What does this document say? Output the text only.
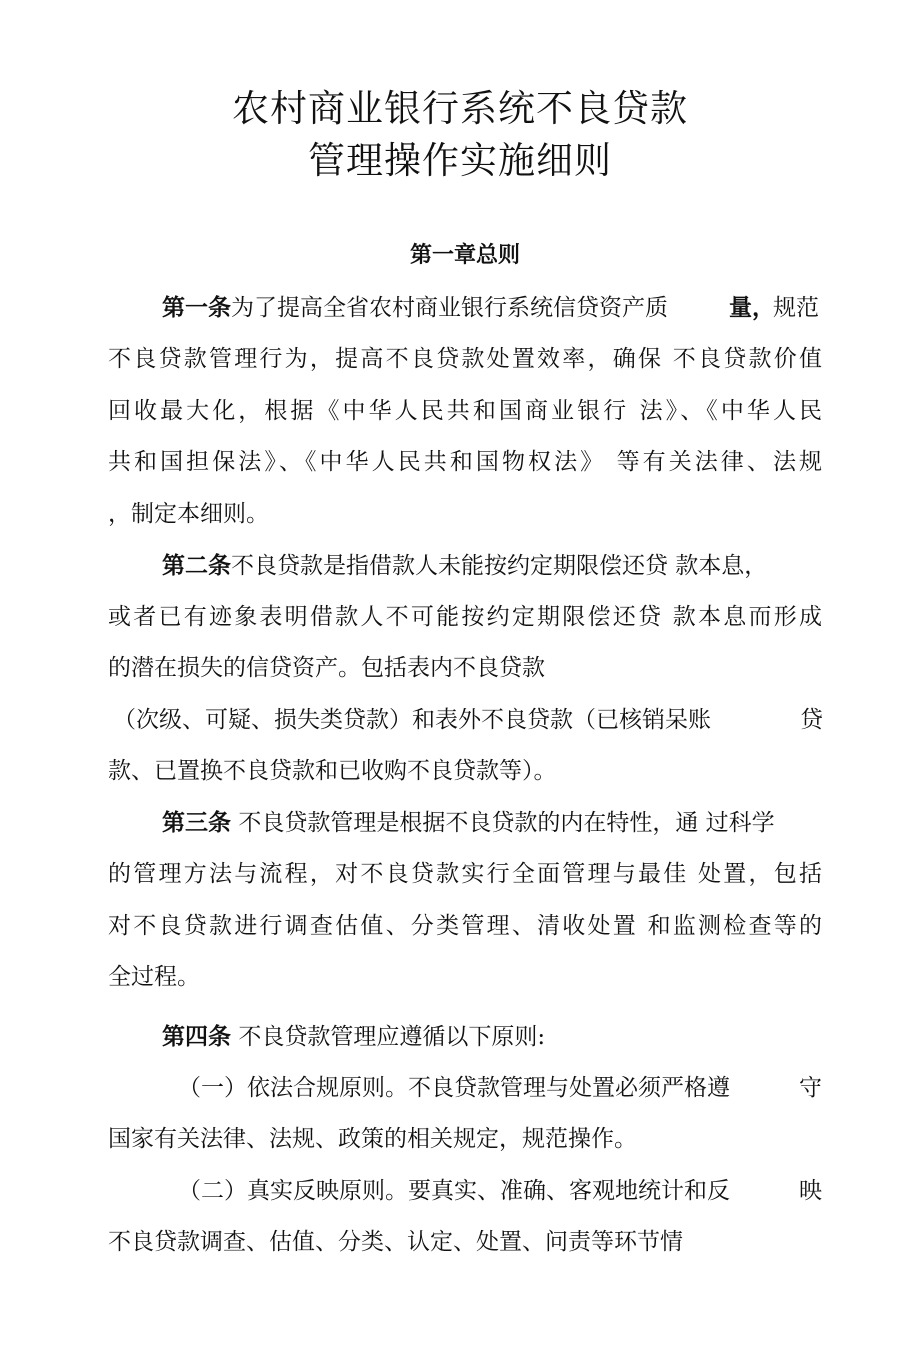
农村商业银行系统不良贷款
管理操作实施细则
第一章总则
第一条为了提高全省农村商业银行系统信贷资产质	量，
规范
不良贷款管理行为，提高不良贷款处置效率，确保 不良贷款价值
回收最大化，根据《中华人民共和国商业银行 法》、《中华人民
共和国担保法》、《中华人民共和国物权法》 等有关法律、法规
，制定本细则。
第二条不良贷款是指借款人未能按约定期限偿还贷 款本息，
或者已有迹象表明借款人不可能按约定期限偿还贷 款本息而形成
的潜在损失的信贷资产。包括表内不良贷款
（次级、可疑、损失类贷款）和表外不良贷款（已核销呆账	贷
款、已置换不良贷款和已收购不良贷款等）。
第三条 不良贷款管理是根据不良贷款的内在特性，通 过科学
的管理方法与流程，对不良贷款实行全面管理与最佳 处置，包括
对不良贷款进行调查估值、分类管理、清收处置 和监测检查等的
全过程。
第四条 不良贷款管理应遵循以下原则:
（一）依法合规原则。不良贷款管理与处置必须严格遵	守
国家有关法律、法规、政策的相关规定，规范操作。
（二）真实反映原则。要真实、准确、客观地统计和反	映
不良贷款调查、估值、分类、认定、处置、问责等环节情
